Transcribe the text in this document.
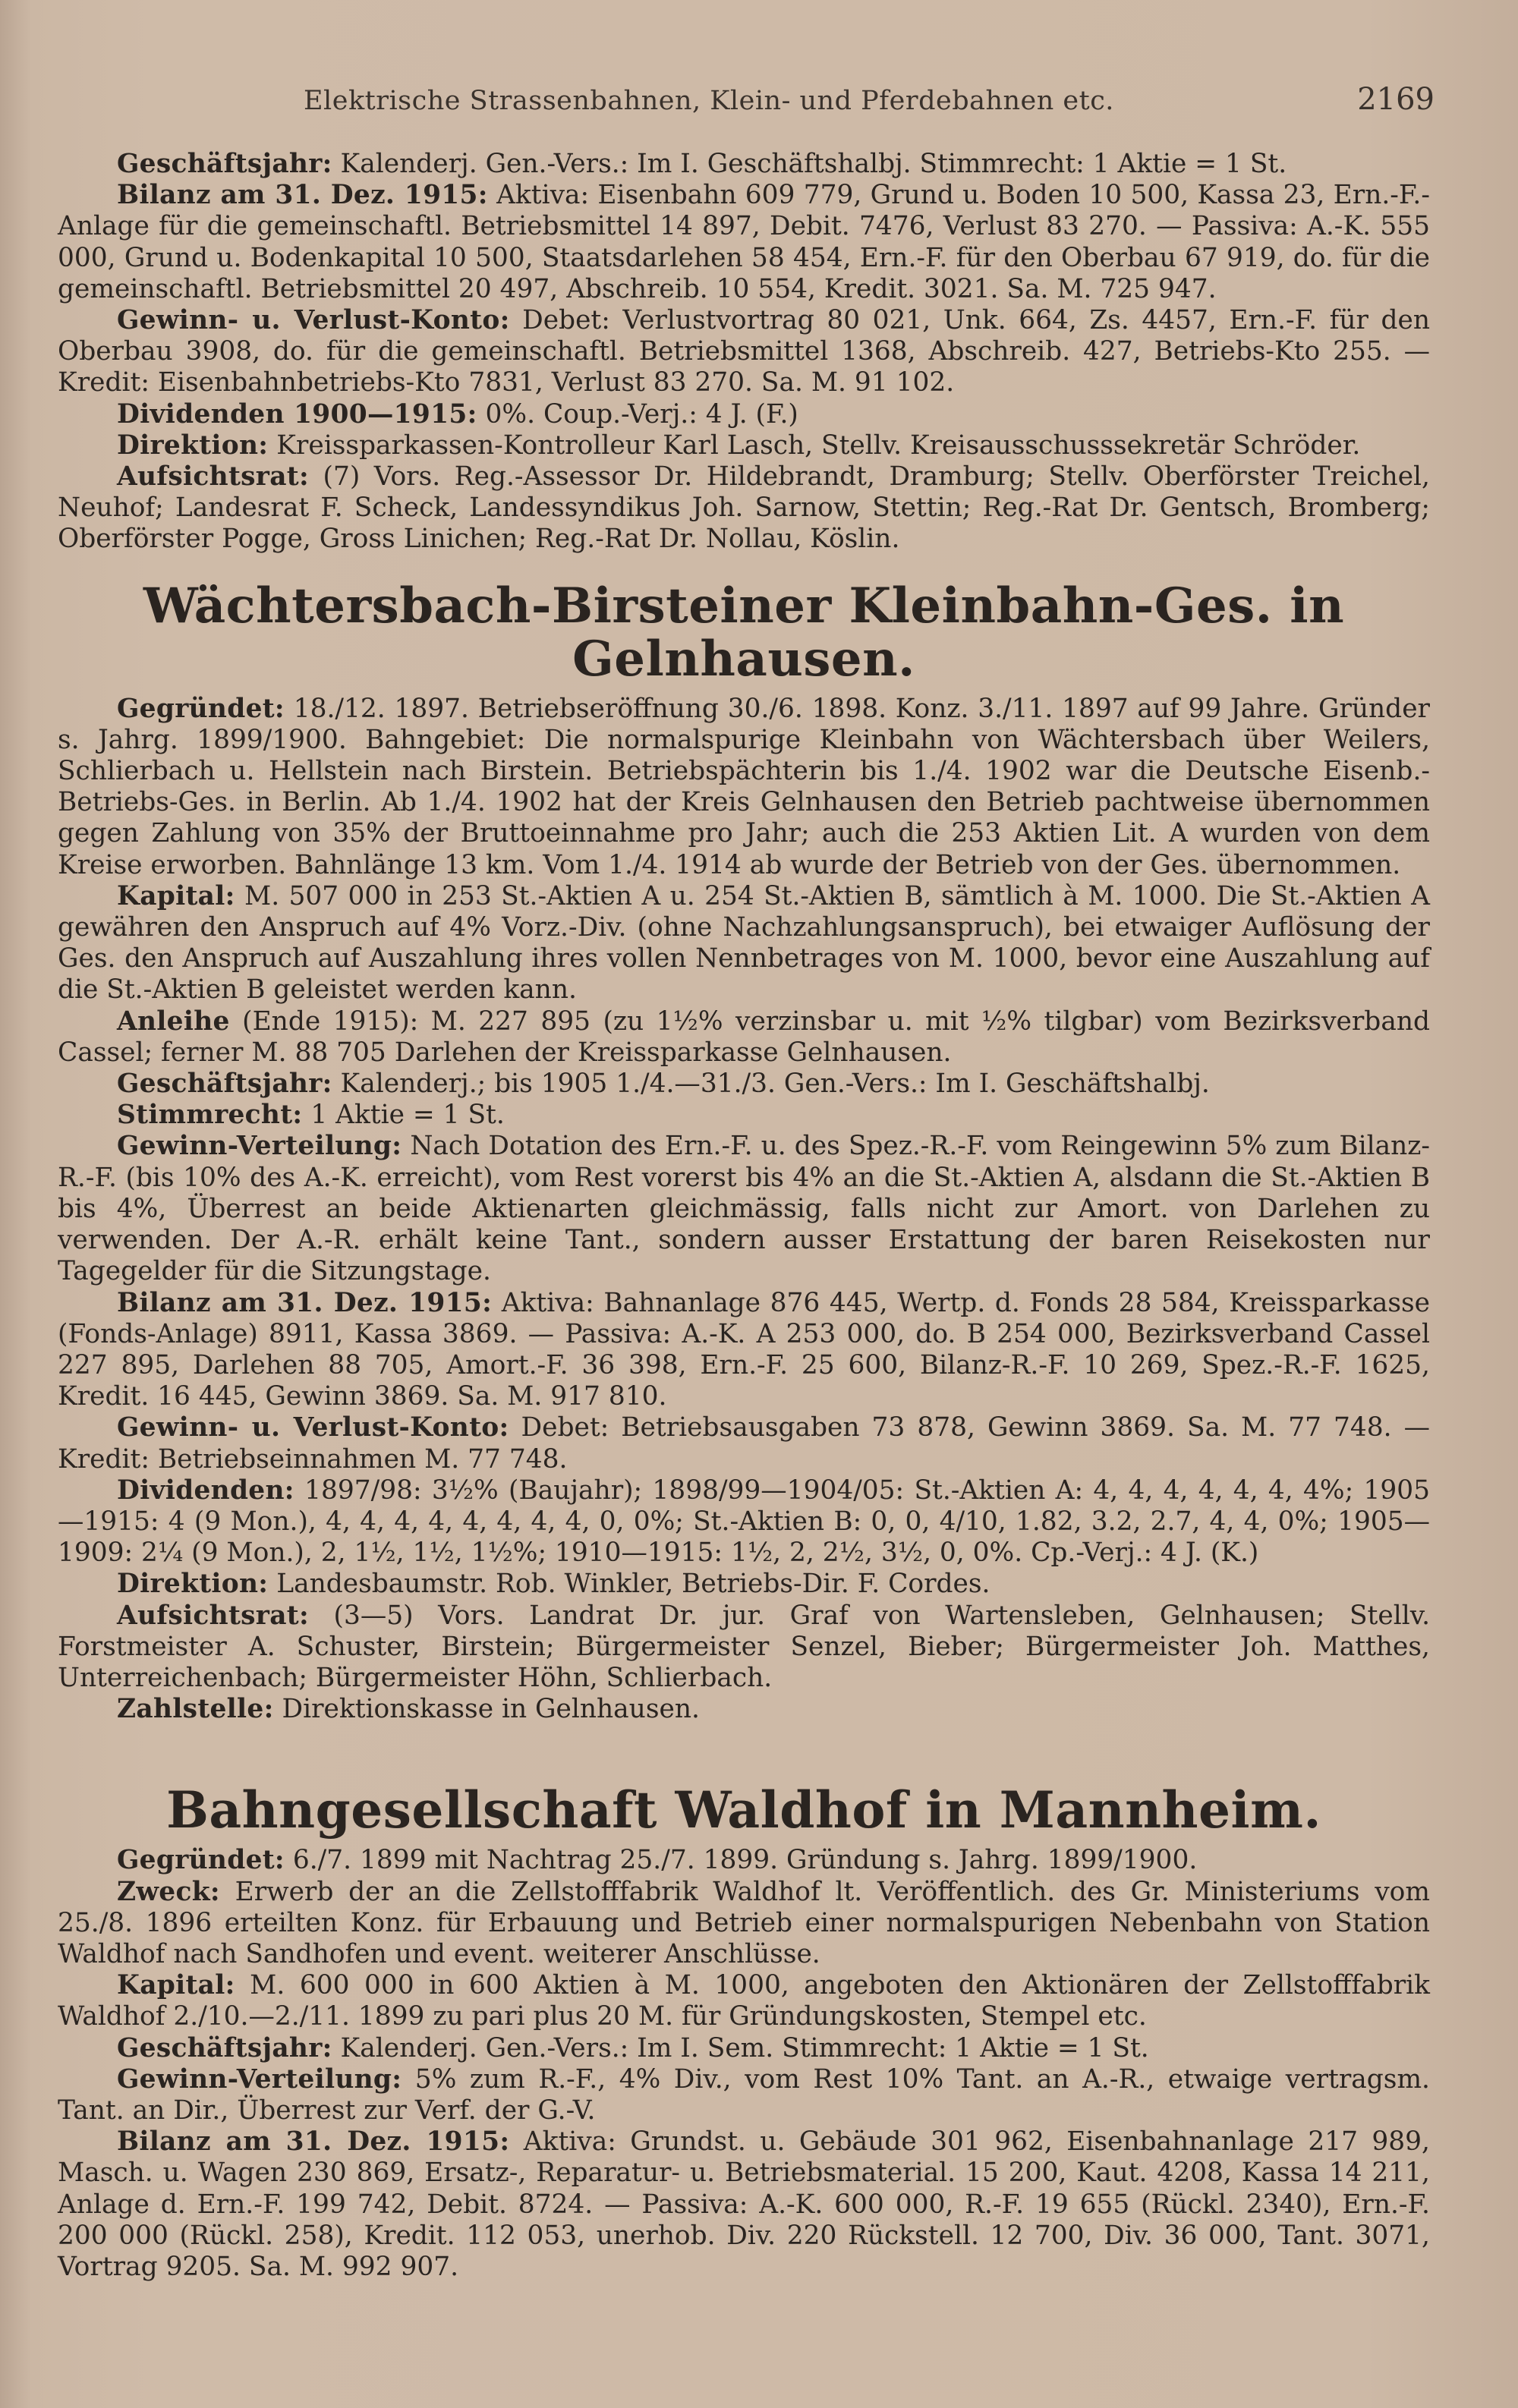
Elektrische Strassenbahnen, Klein- und Pferdebahnen etc.	2169

Geschäftsjahr: Kalenderj. Gen.-Vers.: Im I. Geschäftshalbj. Stimmrecht: 1 Aktie = 1 St.

Bilanz am 31. Dez. 1915: Aktiva: Eisenbahn 609 779, Grund u. Boden 10 500, Kassa 23, Ern.-F.-Anlage für die gemeinschaftl. Betriebsmittel 14 897, Debit. 7476, Verlust 83 270. — Passiva: A.-K. 555 000, Grund u. Bodenkapital 10 500, Staatsdarlehen 58 454, Ern.-F. für den Oberbau 67 919, do. für die gemeinschaftl. Betriebsmittel 20 497, Abschreib. 10 554, Kredit. 3021. Sa. M. 725 947.

Gewinn- u. Verlust-Konto: Debet: Verlustvortrag 80 021, Unk. 664, Zs. 4457, Ern.-F. für den Oberbau 3908, do. für die gemeinschaftl. Betriebsmittel 1368, Abschreib. 427, Betriebs-Kto 255. — Kredit: Eisenbahnbetriebs-Kto 7831, Verlust 83 270. Sa. M. 91 102.

Dividenden 1900—1915: 0%. Coup.-Verj.: 4 J. (F.)

Direktion: Kreissparkassen-Kontrolleur Karl Lasch, Stellv. Kreisausschusssekretär Schröder.

Aufsichtsrat: (7) Vors. Reg.-Assessor Dr. Hildebrandt, Dramburg; Stellv. Oberförster Treichel, Neuhof; Landesrat F. Scheck, Landessyndikus Joh. Sarnow, Stettin; Reg.-Rat Dr. Gentsch, Bromberg; Oberförster Pogge, Gross Linichen; Reg.-Rat Dr. Nollau, Köslin.

Wächtersbach-Birsteiner Kleinbahn-Ges. in Gelnhausen.

Gegründet: 18./12. 1897. Betriebseröffnung 30./6. 1898. Konz. 3./11. 1897 auf 99 Jahre. Gründer s. Jahrg. 1899/1900. Bahngebiet: Die normalspurige Kleinbahn von Wächtersbach über Weilers, Schlierbach u. Hellstein nach Birstein. Betriebspächterin bis 1./4. 1902 war die Deutsche Eisenb.-Betriebs-Ges. in Berlin. Ab 1./4. 1902 hat der Kreis Gelnhausen den Betrieb pachtweise übernommen gegen Zahlung von 35% der Bruttoeinnahme pro Jahr; auch die 253 Aktien Lit. A wurden von dem Kreise erworben. Bahnlänge 13 km. Vom 1./4. 1914 ab wurde der Betrieb von der Ges. übernommen.

Kapital: M. 507 000 in 253 St.-Aktien A u. 254 St.-Aktien B, sämtlich à M. 1000. Die St.-Aktien A gewähren den Anspruch auf 4% Vorz.-Div. (ohne Nachzahlungsanspruch), bei etwaiger Auflösung der Ges. den Anspruch auf Auszahlung ihres vollen Nennbetrages von M. 1000, bevor eine Auszahlung auf die St.-Aktien B geleistet werden kann.

Anleihe (Ende 1915): M. 227 895 (zu 1½% verzinsbar u. mit ½% tilgbar) vom Bezirksverband Cassel; ferner M. 88 705 Darlehen der Kreissparkasse Gelnhausen.

Geschäftsjahr: Kalenderj.; bis 1905 1./4.—31./3. Gen.-Vers.: Im I. Geschäftshalbj.

Stimmrecht: 1 Aktie = 1 St.

Gewinn-Verteilung: Nach Dotation des Ern.-F. u. des Spez.-R.-F. vom Reingewinn 5% zum Bilanz-R.-F. (bis 10% des A.-K. erreicht), vom Rest vorerst bis 4% an die St.-Aktien A, alsdann die St.-Aktien B bis 4%, Überrest an beide Aktienarten gleichmässig, falls nicht zur Amort. von Darlehen zu verwenden. Der A.-R. erhält keine Tant., sondern ausser Erstattung der baren Reisekosten nur Tagegelder für die Sitzungstage.

Bilanz am 31. Dez. 1915: Aktiva: Bahnanlage 876 445, Wertp. d. Fonds 28 584, Kreissparkasse (Fonds-Anlage) 8911, Kassa 3869. — Passiva: A.-K. A 253 000, do. B 254 000, Bezirksverband Cassel 227 895, Darlehen 88 705, Amort.-F. 36 398, Ern.-F. 25 600, Bilanz-R.-F. 10 269, Spez.-R.-F. 1625, Kredit. 16 445, Gewinn 3869. Sa. M. 917 810.

Gewinn- u. Verlust-Konto: Debet: Betriebsausgaben 73 878, Gewinn 3869. Sa. M. 77 748. — Kredit: Betriebseinnahmen M. 77 748.

Dividenden: 1897/98: 3½% (Baujahr); 1898/99—1904/05: St.-Aktien A: 4, 4, 4, 4, 4, 4, 4%; 1905—1915: 4 (9 Mon.), 4, 4, 4, 4, 4, 4, 4, 4, 0, 0%; St.-Aktien B: 0, 0, 4/10, 1.82, 3.2, 2.7, 4, 4, 0%; 1905—1909: 2¼ (9 Mon.), 2, 1½, 1½, 1½%; 1910—1915: 1½, 2, 2½, 3½, 0, 0%. Cp.-Verj.: 4 J. (K.)

Direktion: Landesbaumstr. Rob. Winkler, Betriebs-Dir. F. Cordes.

Aufsichtsrat: (3—5) Vors. Landrat Dr. jur. Graf von Wartensleben, Gelnhausen; Stellv. Forstmeister A. Schuster, Birstein; Bürgermeister Senzel, Bieber; Bürgermeister Joh. Matthes, Unterreichenbach; Bürgermeister Höhn, Schlierbach.

Zahlstelle: Direktionskasse in Gelnhausen.

Bahngesellschaft Waldhof in Mannheim.

Gegründet: 6./7. 1899 mit Nachtrag 25./7. 1899. Gründung s. Jahrg. 1899/1900.

Zweck: Erwerb der an die Zellstofffabrik Waldhof lt. Veröffentlich. des Gr. Ministeriums vom 25./8. 1896 erteilten Konz. für Erbauung und Betrieb einer normalspurigen Nebenbahn von Station Waldhof nach Sandhofen und event. weiterer Anschlüsse.

Kapital: M. 600 000 in 600 Aktien à M. 1000, angeboten den Aktionären der Zellstofffabrik Waldhof 2./10.—2./11. 1899 zu pari plus 20 M. für Gründungskosten, Stempel etc.

Geschäftsjahr: Kalenderj. Gen.-Vers.: Im I. Sem. Stimmrecht: 1 Aktie = 1 St.

Gewinn-Verteilung: 5% zum R.-F., 4% Div., vom Rest 10% Tant. an A.-R., etwaige vertragsm. Tant. an Dir., Überrest zur Verf. der G.-V.

Bilanz am 31. Dez. 1915: Aktiva: Grundst. u. Gebäude 301 962, Eisenbahnanlage 217 989, Masch. u. Wagen 230 869, Ersatz-, Reparatur- u. Betriebsmaterial. 15 200, Kaut. 4208, Kassa 14 211, Anlage d. Ern.-F. 199 742, Debit. 8724. — Passiva: A.-K. 600 000, R.-F. 19 655 (Rückl. 2340), Ern.-F. 200 000 (Rückl. 258), Kredit. 112 053, unerhob. Div. 220 Rückstell. 12 700, Div. 36 000, Tant. 3071, Vortrag 9205. Sa. M. 992 907.
